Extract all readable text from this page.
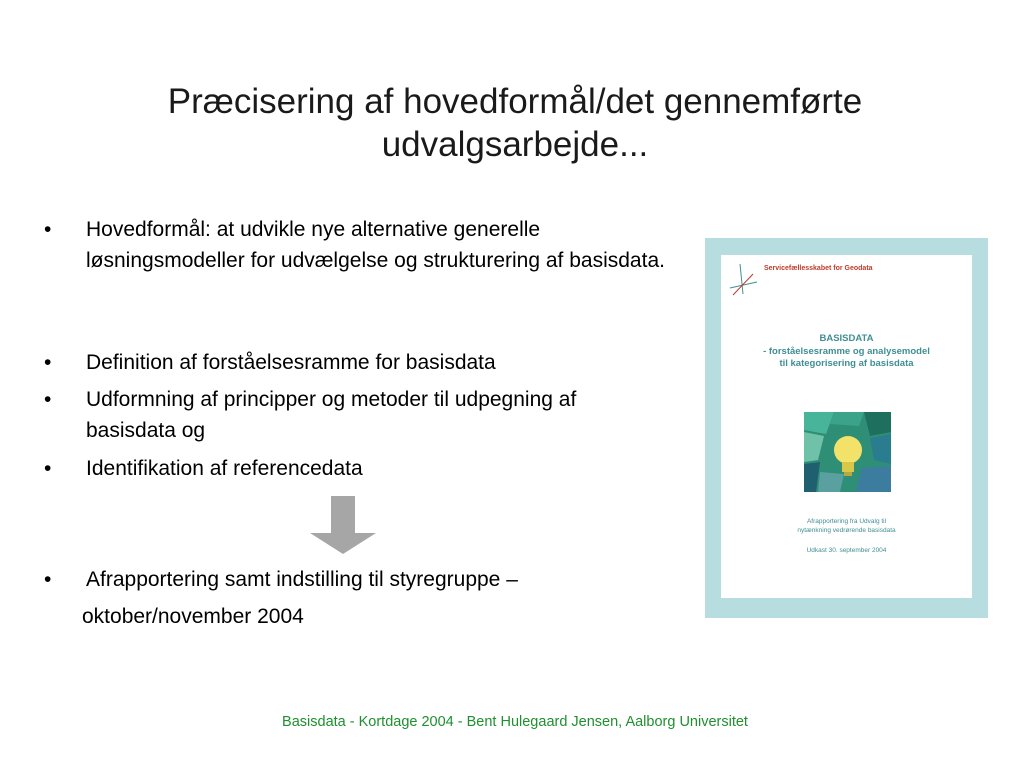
Præcisering af hovedformål/det gennemførte udvalgsarbejde...
•	Hovedformål: at udvikle nye alternative generelle løsningsmodeller for udvælgelse og strukturering af basisdata.
•	Definition af forståelsesramme for basisdata
•	Udformning af principper og metoder til udpegning af basisdata og
•	Identifikation af referencedata
•	Afrapportering samt indstilling til styregruppe –
oktober/november 2004
Servicefællesskabet for Geodata
BASISDATA
- forståelsesramme og analysemodel
til kategorisering af basisdata
Afrapportering fra Udvalg til
nytænkning vedrørende basisdata
Udkast 30. september 2004
Basisdata - Kortdage 2004 - Bent Hulegaard Jensen, Aalborg Universitet
